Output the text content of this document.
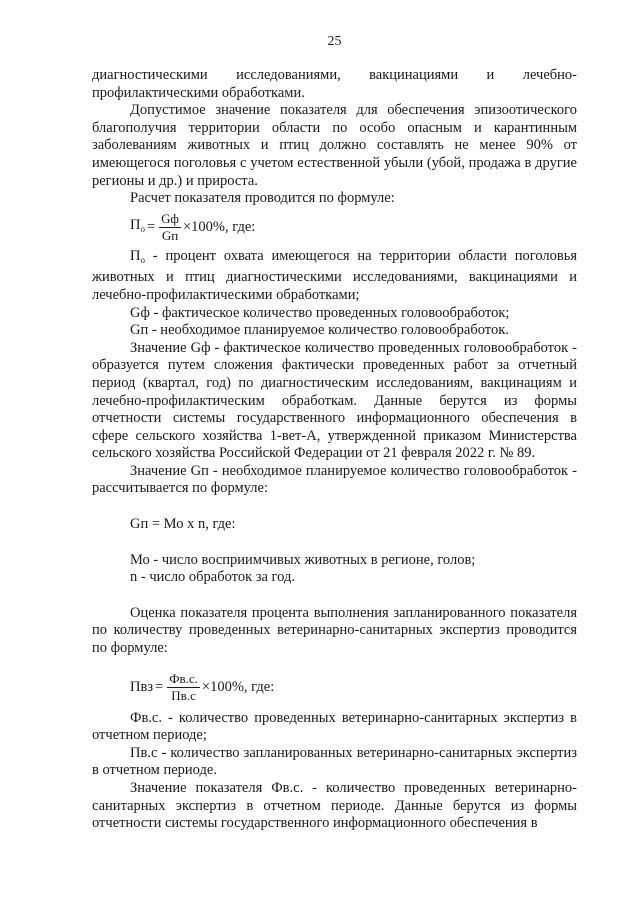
25

диагностическими исследованиями, вакцинациями и лечебно-профилактическими обработками.

Допустимое значение показателя для обеспечения эпизоотического благополучия территории области по особо опасным и карантинным заболеваниям животных и птиц должно составлять не менее 90% от имеющегося поголовья с учетом естественной убыли (убой, продажа в другие регионы и др.) и прироста.

Расчет показателя проводится по формуле:

$П_о = \frac{Gф}{Gп} \times 100\%$, где:

$П_о$ - процент охвата имеющегося на территории области поголовья животных и птиц диагностическими исследованиями, вакцинациями и лечебно-профилактическими обработками;

Gф - фактическое количество проведенных головообработок;

Gп - необходимое планируемое количество головообработок.

Значение Gф - фактическое количество проведенных головообработок - образуется путем сложения фактически проведенных работ за отчетный период (квартал, год) по диагностическим исследованиям, вакцинациям и лечебно-профилактическим обработкам. Данные берутся из формы отчетности системы государственного информационного обеспечения в сфере сельского хозяйства 1-вет-А, утвержденной приказом Министерства сельского хозяйства Российской Федерации от 21 февраля 2022 г. № 89.

Значение Gп - необходимое планируемое количество головообработок - рассчитывается по формуле:

Gп = Мо х n, где:

Мо - число восприимчивых животных в регионе, голов;

n - число обработок за год.

Оценка показателя процента выполнения запланированного показателя по количеству проведенных ветеринарно-санитарных экспертиз проводится по формуле:

Пвз = $\frac{Фв.с.}{Пв.с} \times 100\%$, где:

Фв.с. - количество проведенных ветеринарно-санитарных экспертиз в отчетном периоде;

Пв.с - количество запланированных ветеринарно-санитарных экспертиз в отчетном периоде.

Значение показателя Фв.с. - количество проведенных ветеринарно-санитарных экспертиз в отчетном периоде. Данные берутся из формы отчетности системы государственного информационного обеспечения в
